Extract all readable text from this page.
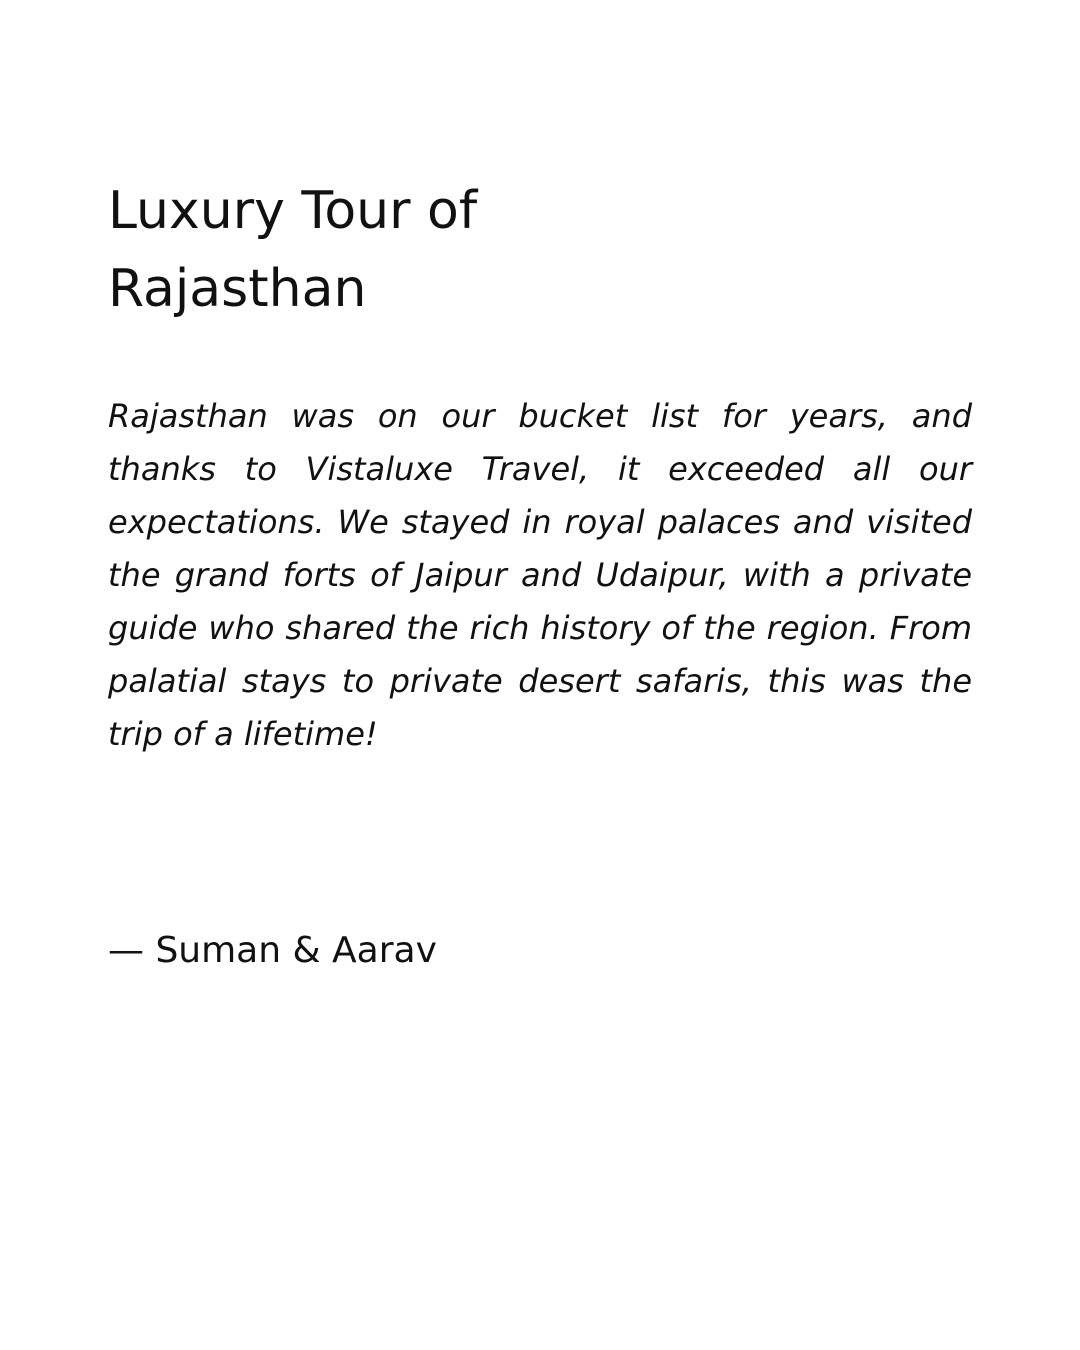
Luxury Tour of Rajasthan

Rajasthan was on our bucket list for years, and thanks to Vistaluxe Travel, it exceeded all our expectations. We stayed in royal palaces and visited the grand forts of Jaipur and Udaipur, with a private guide who shared the rich history of the region. From palatial stays to private desert safaris, this was the trip of a lifetime!

— Suman & Aarav
